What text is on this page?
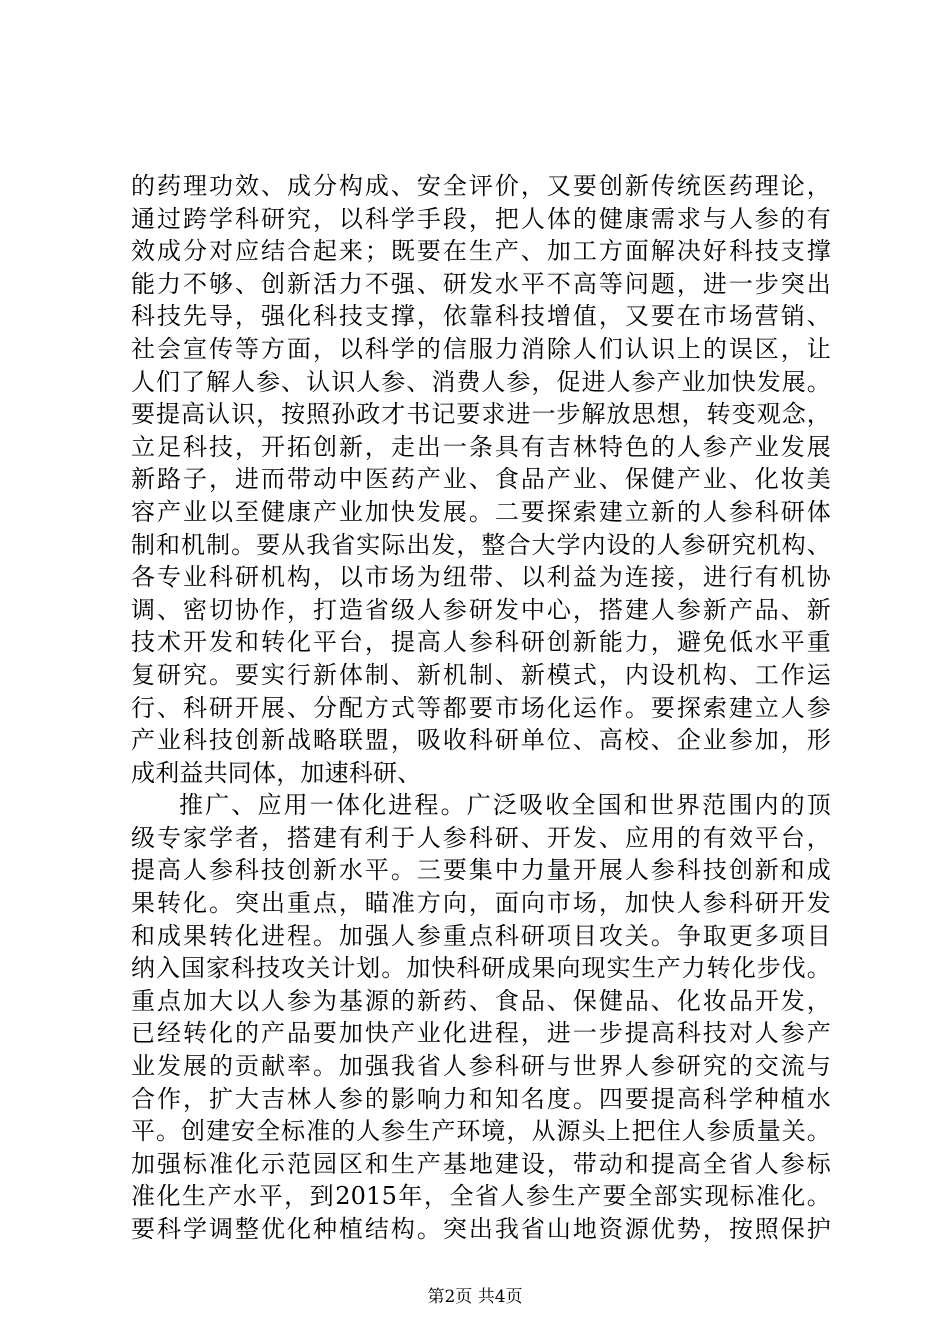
的药理功效、成分构成、安全评价，又要创新传统医药理论，
通过跨学科研究，以科学手段，把人体的健康需求与人参的有
效成分对应结合起来；既要在生产、加工方面解决好科技支撑
能力不够、创新活力不强、研发水平不高等问题，进一步突出
科技先导，强化科技支撑，依靠科技增值，又要在市场营销、
社会宣传等方面，以科学的信服力消除人们认识上的误区，让
人们了解人参、认识人参、消费人参，促进人参产业加快发展。
要提高认识，按照孙政才书记要求进一步解放思想，转变观念，
立足科技，开拓创新，走出一条具有吉林特色的人参产业发展
新路子，进而带动中医药产业、食品产业、保健产业、化妆美
容产业以至健康产业加快发展。二要探索建立新的人参科研体
制和机制。要从我省实际出发，整合大学内设的人参研究机构、
各专业科研机构，以市场为纽带、以利益为连接，进行有机协
调、密切协作，打造省级人参研发中心，搭建人参新产品、新
技术开发和转化平台，提高人参科研创新能力，避免低水平重
复研究。要实行新体制、新机制、新模式，内设机构、工作运
行、科研开展、分配方式等都要市场化运作。要探索建立人参
产业科技创新战略联盟，吸收科研单位、高校、企业参加，形
成利益共同体，加速科研、
推广、应用一体化进程。广泛吸收全国和世界范围内的顶
级专家学者，搭建有利于人参科研、开发、应用的有效平台，
提高人参科技创新水平。三要集中力量开展人参科技创新和成
果转化。突出重点，瞄准方向，面向市场，加快人参科研开发
和成果转化进程。加强人参重点科研项目攻关。争取更多项目
纳入国家科技攻关计划。加快科研成果向现实生产力转化步伐。
重点加大以人参为基源的新药、食品、保健品、化妆品开发，
已经转化的产品要加快产业化进程，进一步提高科技对人参产
业发展的贡献率。加强我省人参科研与世界人参研究的交流与
合作，扩大吉林人参的影响力和知名度。四要提高科学种植水
平。创建安全标准的人参生产环境，从源头上把住人参质量关。
加强标准化示范园区和生产基地建设，带动和提高全省人参标
准化生产水平，到2015年，全省人参生产要全部实现标准化。
要科学调整优化种植结构。突出我省山地资源优势，按照保护
第2页 共4页
